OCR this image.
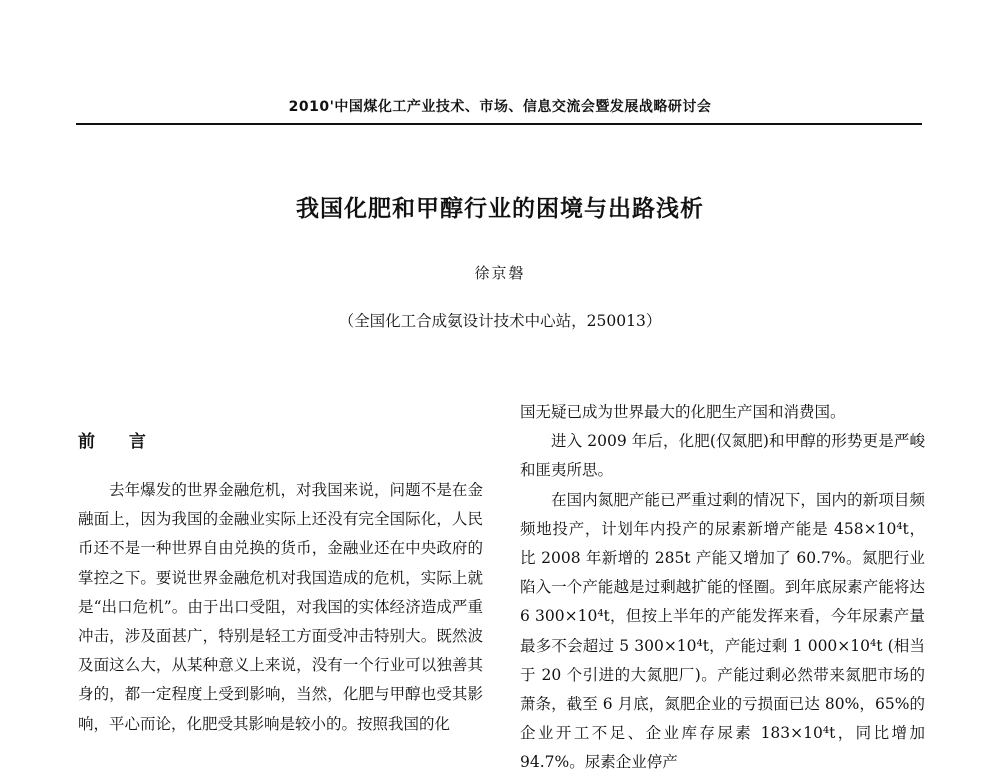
2010'中国煤化工产业技术、市场、信息交流会暨发展战略研讨会
我国化肥和甲醇行业的困境与出路浅析
徐京磐
（全国化工合成氨设计技术中心站，250013）
前 言

去年爆发的世界金融危机，对我国来说，问题不是在金融面上，因为我国的金融业实际上还没有完全国际化，人民币还不是一种世界自由兑换的货币，金融业还在中央政府的掌控之下。要说世界金融危机对我国造成的危机，实际上就是“出口危机”。由于出口受阻，对我国的实体经济造成严重冲击，涉及面甚广，特别是轻工方面受冲击特别大。既然波及面这么大，从某种意义上来说，没有一个行业可以独善其身的，都一定程度上受到影响，当然，化肥与甲醇也受其影响，平心而论，化肥受其影响是较小的。按照我国的化

国无疑已成为世界最大的化肥生产国和消费国。

进入 2009 年后，化肥(仅氮肥)和甲醇的形势更是严峻和匪夷所思。

在国内氮肥产能已严重过剩的情况下，国内的新项目频频地投产，计划年内投产的尿素新增产能是 458×10⁴t，比 2008 年新增的 285t 产能又增加了 60.7%。氮肥行业陷入一个产能越是过剩越扩能的怪圈。到年底尿素产能将达 6 300×10⁴t，但按上半年的产能发挥来看，今年尿素产量最多不会超过 5 300×10⁴t，产能过剩 1 000×10⁴t (相当于 20 个引进的大氮肥厂)。产能过剩必然带来氮肥市场的萧条，截至 6 月底，氮肥企业的亏损面已达 80%，65%的企业开工不足、企业库存尿素 183×10⁴t，同比增加 94.7%。尿素企业停产
